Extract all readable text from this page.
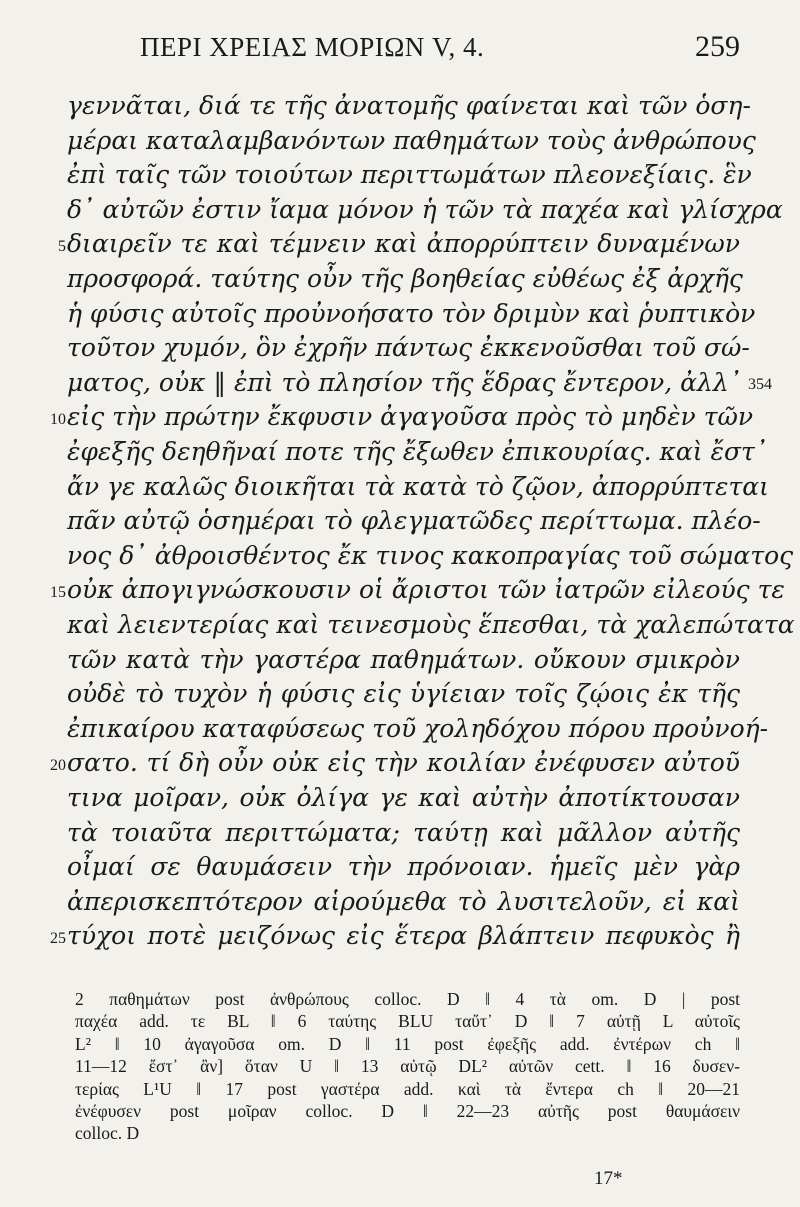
ΠΕΡΙ ΧΡΕΙΑΣ ΜΟΡΙΩΝ V, 4.	259
γεννᾶται, διά τε τῆς ἀνατομῆς φαίνεται καὶ τῶν ὁση-
μέραι καταλαμβανόντων παθημάτων τοὺς ἀνθρώπους
ἐπὶ ταῖς τῶν τοιούτων περιττωμάτων πλεονεξίαις. ἓν
δ᾽ αὐτῶν ἐστιν ἴαμα μόνον ἡ τῶν τὰ παχέα καὶ γλίσχρα
5 διαιρεῖν τε καὶ τέμνειν καὶ ἀπορρύπτειν δυναμένων
προσφορά. ταύτης οὖν τῆς βοηθείας εὐθέως ἐξ ἀρχῆς
ἡ φύσις αὐτοῖς προὐνοήσατο τὸν δριμὺν καὶ ῥυπτικὸν
τοῦτον χυμόν, ὃν ἐχρῆν πάντως ἐκκενοῦσθαι τοῦ σώ-
ματος, οὐκ ‖ ἐπὶ τὸ πλησίον τῆς ἕδρας ἔντερον, ἀλλ᾽ 354
10 εἰς τὴν πρώτην ἔκφυσιν ἀγαγοῦσα πρὸς τὸ μηδὲν τῶν
ἐφεξῆς δεηθῆναί ποτε τῆς ἔξωθεν ἐπικουρίας. καὶ ἔστ᾽
ἄν γε καλῶς διοικῆται τὰ κατὰ τὸ ζῷον, ἀπορρύπτεται
πᾶν αὐτῷ ὁσημέραι τὸ φλεγματῶδες περίττωμα. πλέο-
νος δ᾽ ἀθροισθέντος ἔκ τινος κακοπραγίας τοῦ σώματος
15 οὐκ ἀπογιγνώσκουσιν οἱ ἄριστοι τῶν ἰατρῶν εἰλεούς τε
καὶ λειεντερίας καὶ τεινεσμοὺς ἕπεσθαι, τὰ χαλεπώτατα
τῶν κατὰ τὴν γαστέρα παθημάτων. οὔκουν σμικρὸν
οὐδὲ τὸ τυχὸν ἡ φύσις εἰς ὑγίειαν τοῖς ζῴοις ἐκ τῆς
ἐπικαίρου καταφύσεως τοῦ χοληδόχου πόρου προὐνοή-
20 σατο. τί δὴ οὖν οὐκ εἰς τὴν κοιλίαν ἐνέφυσεν αὐτοῦ
τινα μοῖραν, οὐκ ὀλίγα γε καὶ αὐτὴν ἀποτίκτουσαν
τὰ τοιαῦτα περιττώματα; ταύτῃ καὶ μᾶλλον αὐτῆς
οἶμαί σε θαυμάσειν τὴν πρόνοιαν. ἡμεῖς μὲν γὰρ
ἀπερισκεπτότερον αἱρούμεθα τὸ λυσιτελοῦν, εἰ καὶ
25 τύχοι ποτὲ μειζόνως εἰς ἕτερα βλάπτειν πεφυκὸς ἢ
2 παθημάτων post ἀνθρώπους colloc. D ‖ 4 τὰ om. D | post
παχέα add. τε BL ‖ 6 ταύτης BLU ταὔτ᾽ D ‖ 7 αὐτῇ L αὐτοῖς
L² ‖ 10 ἀγαγοῦσα om. D ‖ 11 post ἐφεξῆς add. ἐντέρων ch ‖
11—12 ἔστ᾽ ἂν] ὅταν U ‖ 13 αὐτῷ DL² αὐτῶν cett. ‖ 16 δυσεν-
τερίας L¹U ‖ 17 post γαστέρα add. καὶ τὰ ἔντερα ch ‖ 20—21
ἐνέφυσεν post μοῖραν colloc. D ‖ 22—23 αὐτῆς post θαυμάσειν
colloc. D
17*
